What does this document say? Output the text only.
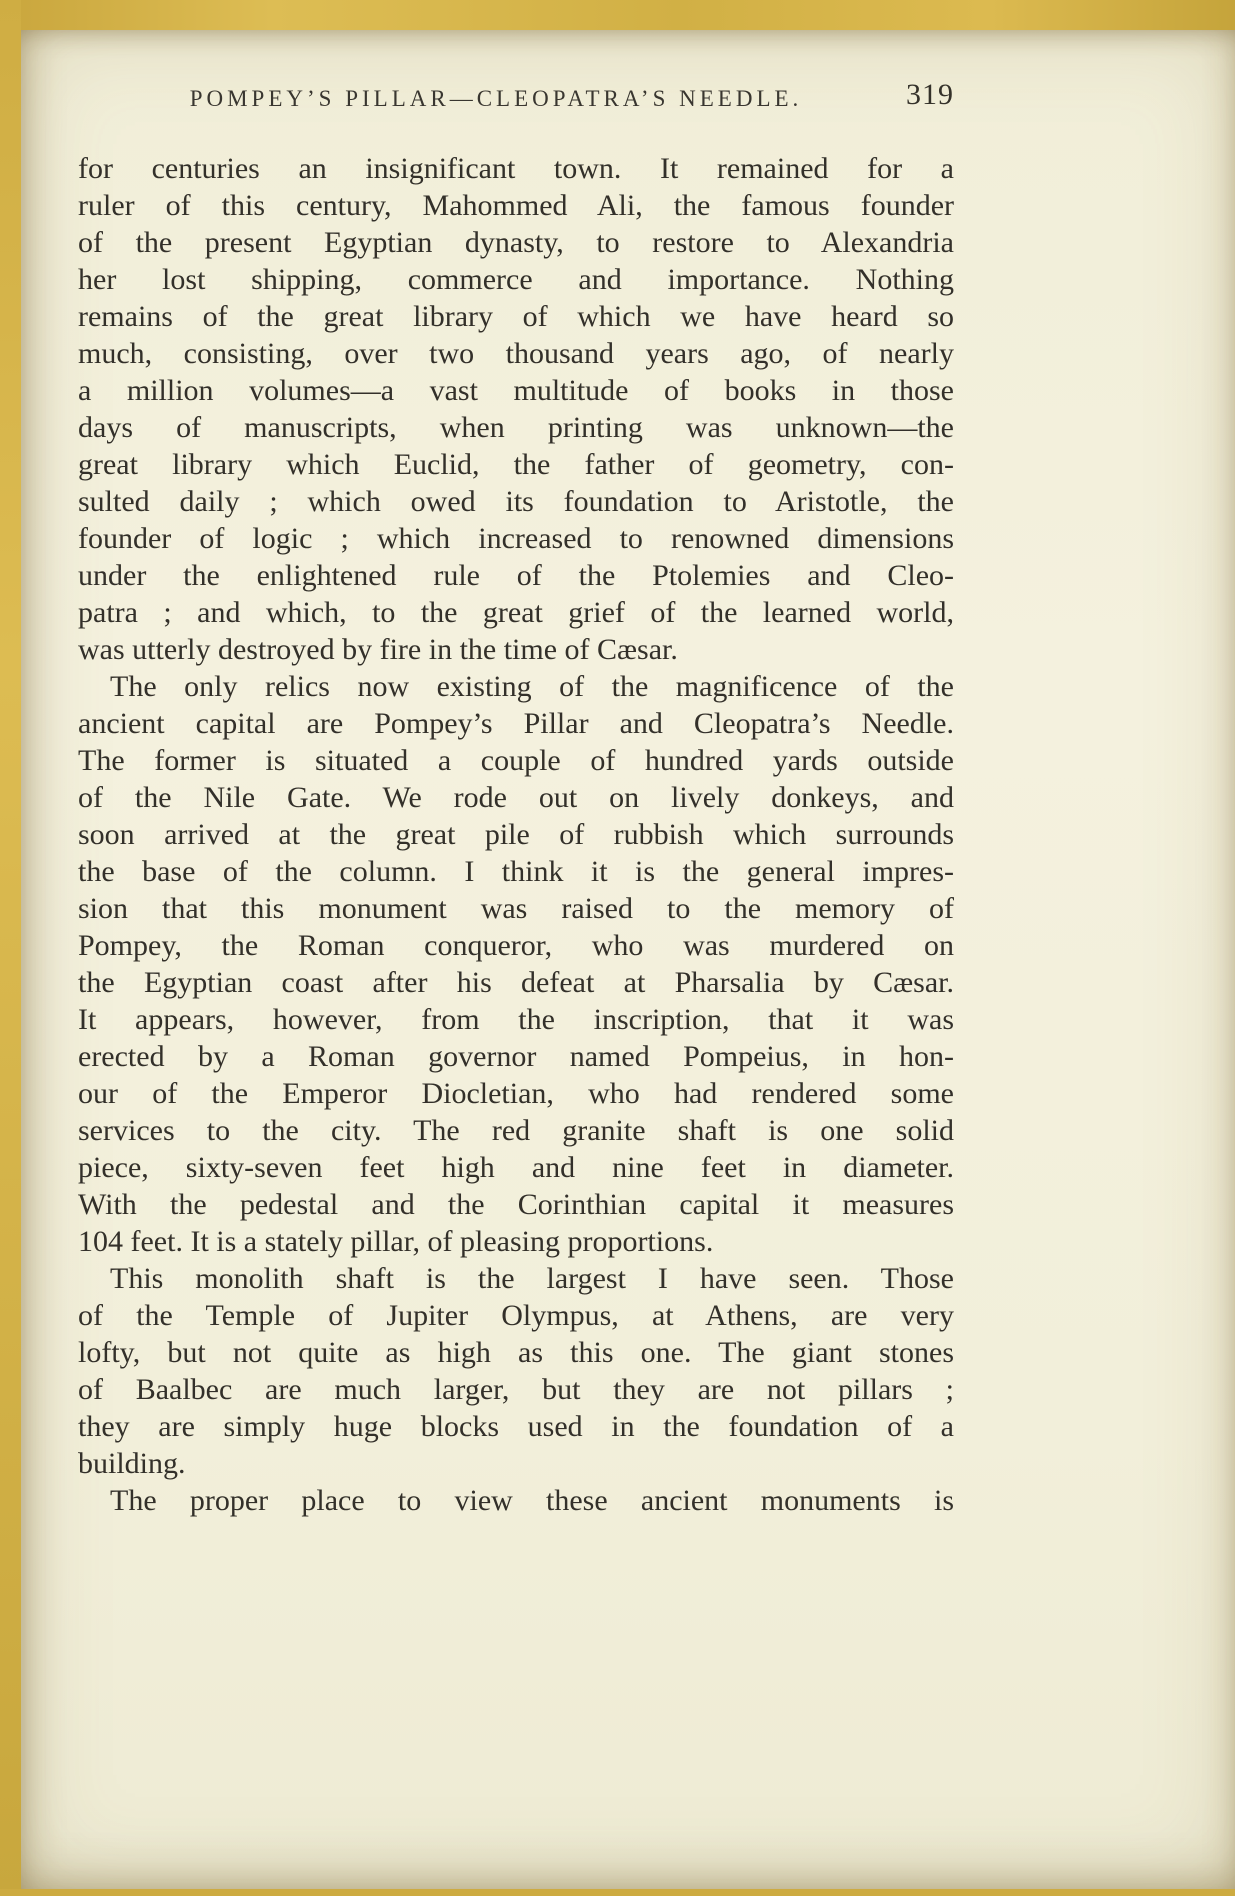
POMPEY’S PILLAR—CLEOPATRA’S NEEDLE.	319
for centuries an insignificant town. It remained for a
ruler of this century, Mahommed Ali, the famous founder
of the present Egyptian dynasty, to restore to Alexandria
her lost shipping, commerce and importance. Nothing
remains of the great library of which we have heard so
much, consisting, over two thousand years ago, of nearly
a million volumes—a vast multitude of books in those
days of manuscripts, when printing was unknown—the
great library which Euclid, the father of geometry, con-
sulted daily ; which owed its foundation to Aristotle, the
founder of logic ; which increased to renowned dimensions
under the enlightened rule of the Ptolemies and Cleo-
patra ; and which, to the great grief of the learned world,
was utterly destroyed by fire in the time of Cæsar.
The only relics now existing of the magnificence of the
ancient capital are Pompey’s Pillar and Cleopatra’s Needle.
The former is situated a couple of hundred yards outside
of the Nile Gate. We rode out on lively donkeys, and
soon arrived at the great pile of rubbish which surrounds
the base of the column. I think it is the general impres-
sion that this monument was raised to the memory of
Pompey, the Roman conqueror, who was murdered on
the Egyptian coast after his defeat at Pharsalia by Cæsar.
It appears, however, from the inscription, that it was
erected by a Roman governor named Pompeius, in hon-
our of the Emperor Diocletian, who had rendered some
services to the city. The red granite shaft is one solid
piece, sixty-seven feet high and nine feet in diameter.
With the pedestal and the Corinthian capital it measures
104 feet. It is a stately pillar, of pleasing proportions.
This monolith shaft is the largest I have seen. Those
of the Temple of Jupiter Olympus, at Athens, are very
lofty, but not quite as high as this one. The giant stones
of Baalbec are much larger, but they are not pillars ;
they are simply huge blocks used in the foundation of a
building.
The proper place to view these ancient monuments is
